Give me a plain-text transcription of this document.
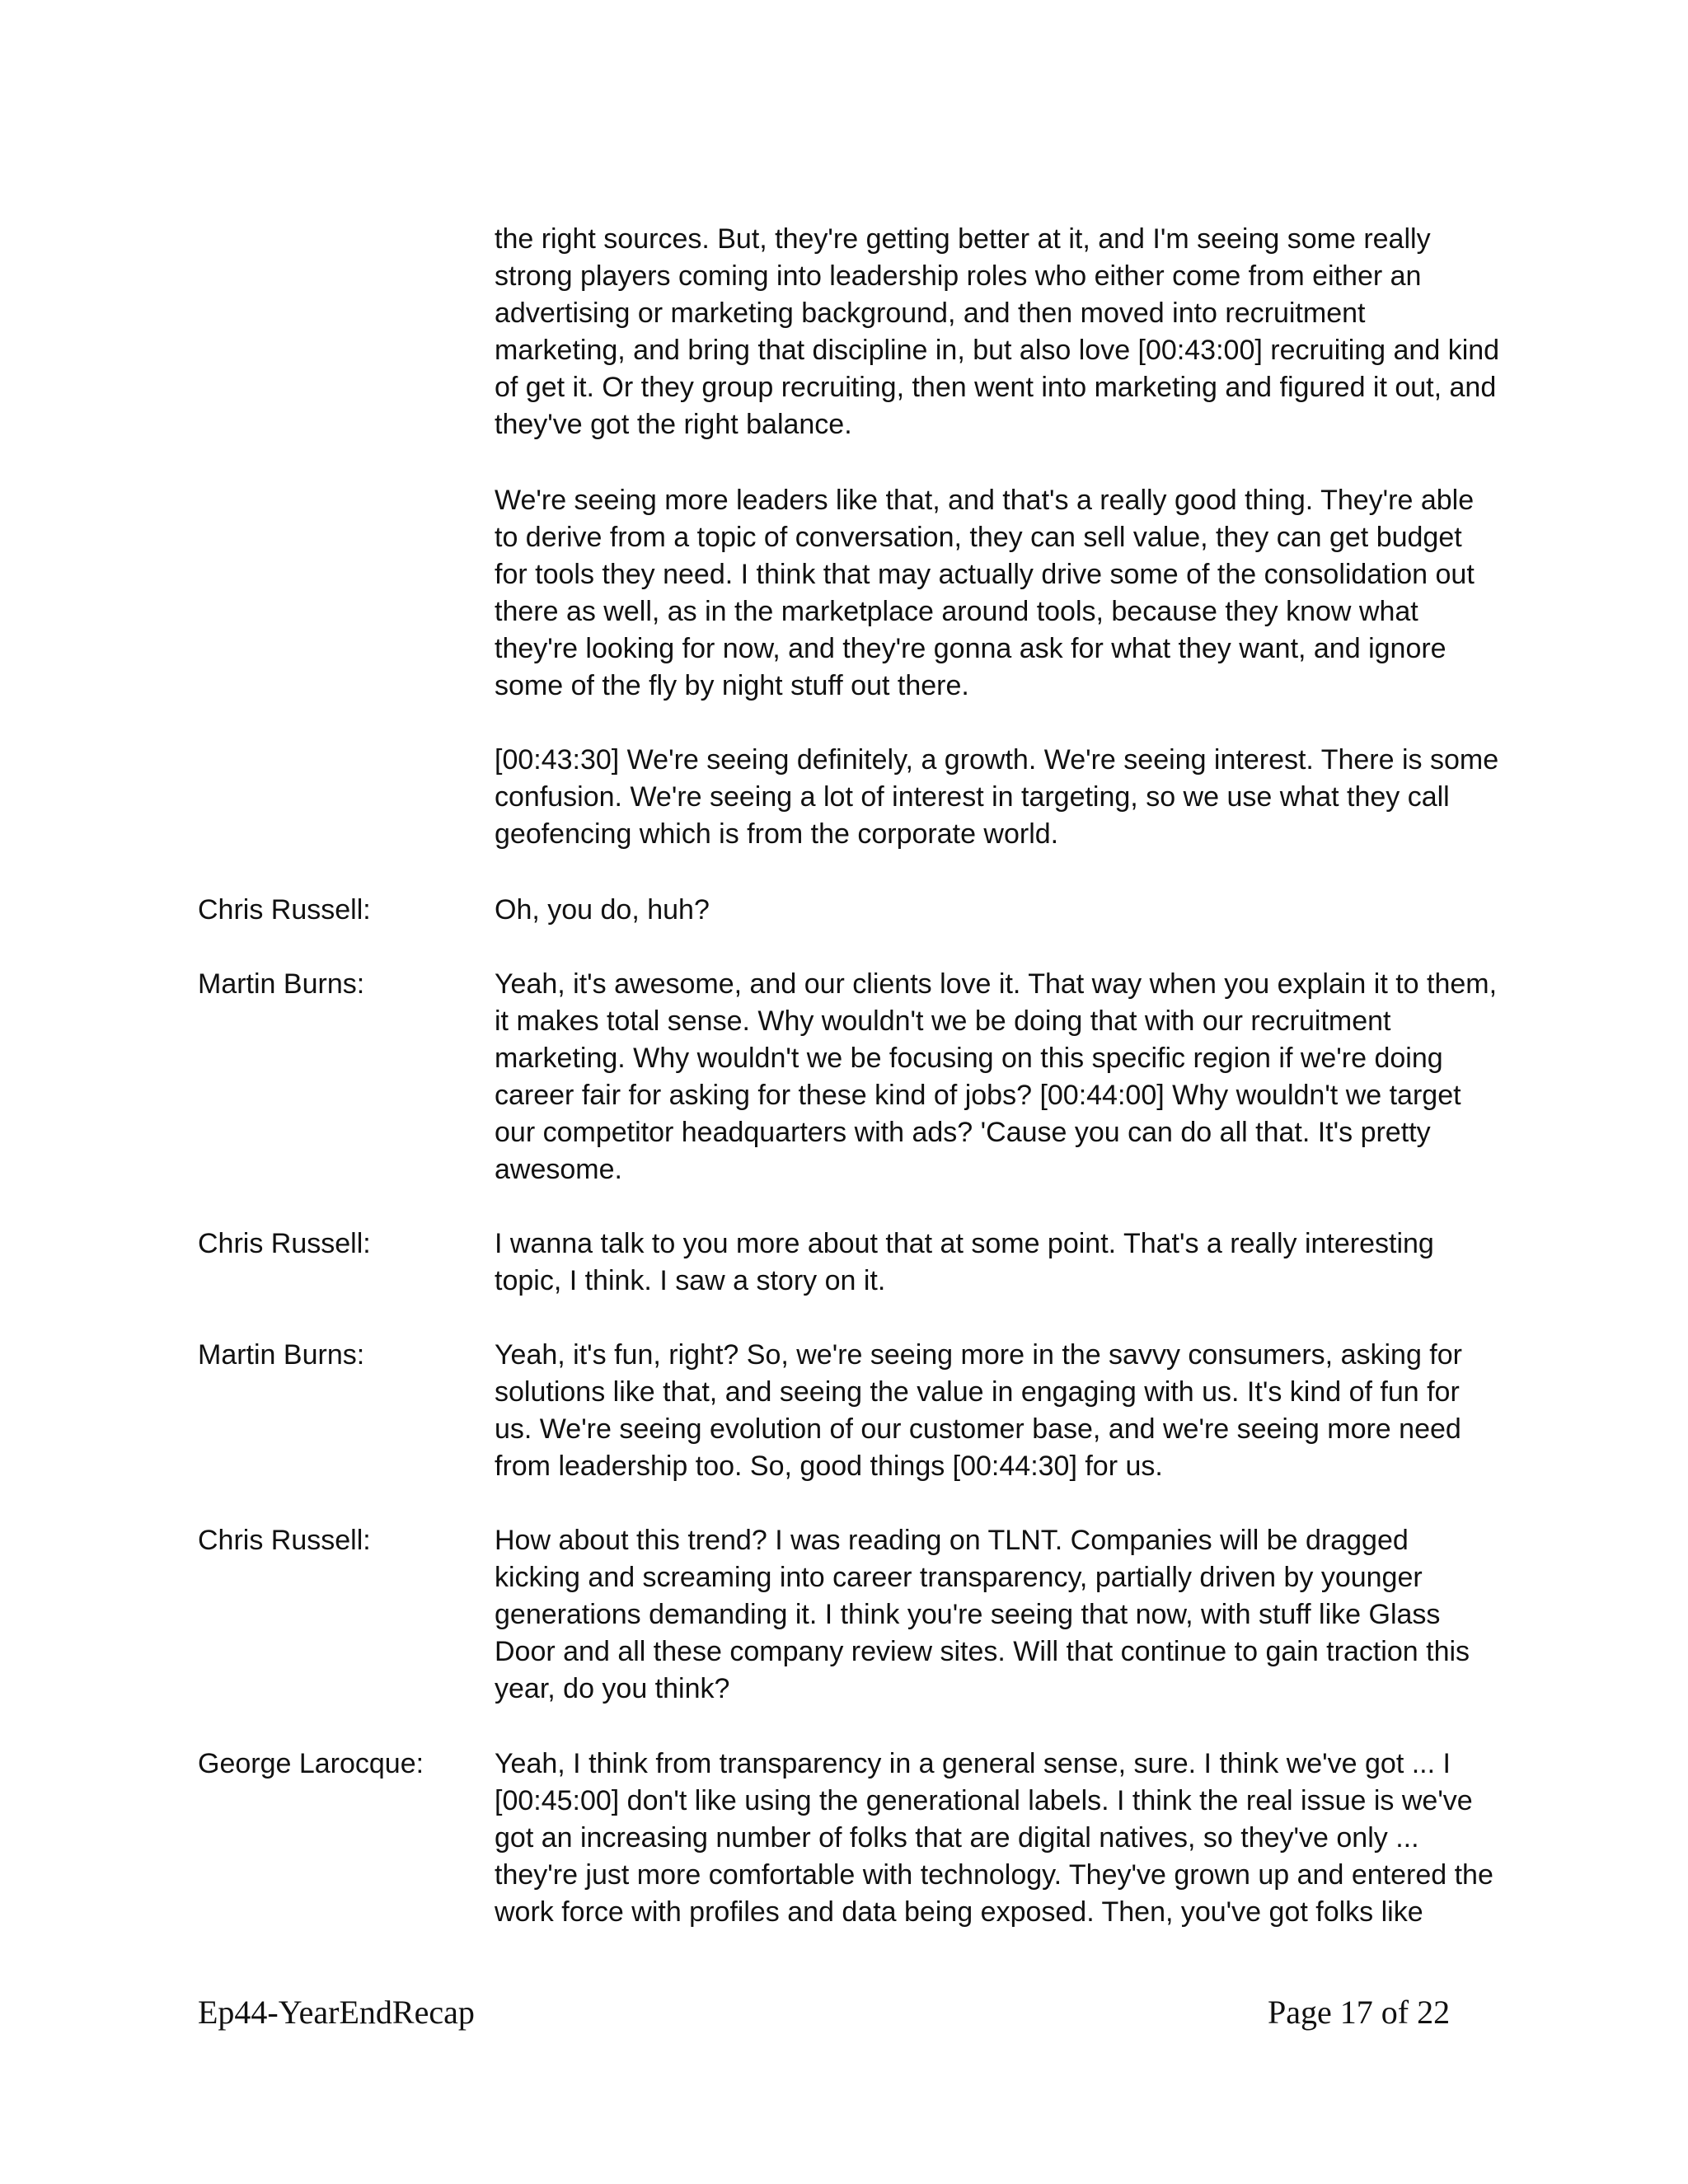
the right sources. But, they're getting better at it, and I'm seeing some really strong players coming into leadership roles who either come from either an advertising or marketing background, and then moved into recruitment marketing, and bring that discipline in, but also love [00:43:00] recruiting and kind of get it. Or they group recruiting, then went into marketing and figured it out, and they've got the right balance.
We're seeing more leaders like that, and that's a really good thing. They're able to derive from a topic of conversation, they can sell value, they can get budget for tools they need. I think that may actually drive some of the consolidation out there as well, as in the marketplace around tools, because they know what they're looking for now, and they're gonna ask for what they want, and ignore some of the fly by night stuff out there.
[00:43:30] We're seeing definitely, a growth. We're seeing interest. There is some confusion. We're seeing a lot of interest in targeting, so we use what they call geofencing which is from the corporate world.
Chris Russell:	Oh, you do, huh?
Martin Burns:	Yeah, it's awesome, and our clients love it. That way when you explain it to them, it makes total sense. Why wouldn't we be doing that with our recruitment marketing. Why wouldn't we be focusing on this specific region if we're doing career fair for asking for these kind of jobs? [00:44:00] Why wouldn't we target our competitor headquarters with ads? 'Cause you can do all that. It's pretty awesome.
Chris Russell:	I wanna talk to you more about that at some point. That's a really interesting topic, I think. I saw a story on it.
Martin Burns:	Yeah, it's fun, right? So, we're seeing more in the savvy consumers, asking for solutions like that, and seeing the value in engaging with us. It's kind of fun for us. We're seeing evolution of our customer base, and we're seeing more need from leadership too. So, good things [00:44:30] for us.
Chris Russell:	How about this trend? I was reading on TLNT. Companies will be dragged kicking and screaming into career transparency, partially driven by younger generations demanding it. I think you're seeing that now, with stuff like Glass Door and all these company review sites. Will that continue to gain traction this year, do you think?
George Larocque:	Yeah, I think from transparency in a general sense, sure. I think we've got ... I [00:45:00] don't like using the generational labels. I think the real issue is we've got an increasing number of folks that are digital natives, so they've only ... they're just more comfortable with technology. They've grown up and entered the work force with profiles and data being exposed. Then, you've got folks like
Ep44-YearEndRecap	Page 17 of 22
